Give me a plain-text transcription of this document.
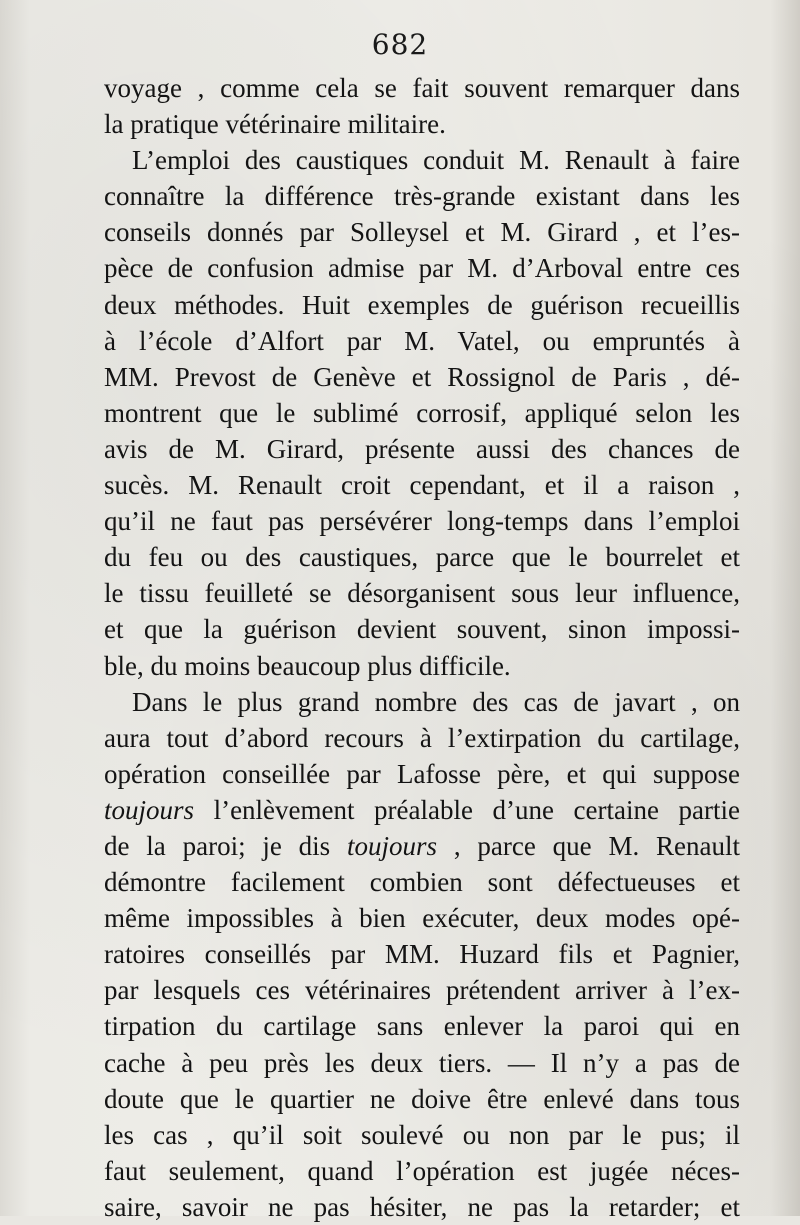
682
voyage , comme cela se fait souvent remarquer dans
la pratique vétérinaire militaire.
L’emploi des caustiques conduit M. Renault à faire
connaître la différence très-grande existant dans les
conseils donnés par Solleysel et M. Girard , et l’es-
pèce de confusion admise par M. d’Arboval entre ces
deux méthodes. Huit exemples de guérison recueillis
à l’école d’Alfort par M. Vatel, ou empruntés à
MM. Prevost de Genève et Rossignol de Paris , dé-
montrent que le sublimé corrosif, appliqué selon les
avis de M. Girard, présente aussi des chances de
sucès. M. Renault croit cependant, et il a raison ,
qu’il ne faut pas persévérer long-temps dans l’emploi
du feu ou des caustiques, parce que le bourrelet et
le tissu feuilleté se désorganisent sous leur influence,
et que la guérison devient souvent, sinon impossi-
ble, du moins beaucoup plus difficile.
Dans le plus grand nombre des cas de javart , on
aura tout d’abord recours à l’extirpation du cartilage,
opération conseillée par Lafosse père, et qui suppose
toujours l’enlèvement préalable d’une certaine partie
de la paroi; je dis toujours , parce que M. Renault
démontre facilement combien sont défectueuses et
même impossibles à bien exécuter, deux modes opé-
ratoires conseillés par MM. Huzard fils et Pagnier,
par lesquels ces vétérinaires prétendent arriver à l’ex-
tirpation du cartilage sans enlever la paroi qui en
cache à peu près les deux tiers. — Il n’y a pas de
doute que le quartier ne doive être enlevé dans tous
les cas , qu’il soit soulevé ou non par le pus; il
faut seulement, quand l’opération est jugée néces-
saire, savoir ne pas hésiter, ne pas la retarder; et
